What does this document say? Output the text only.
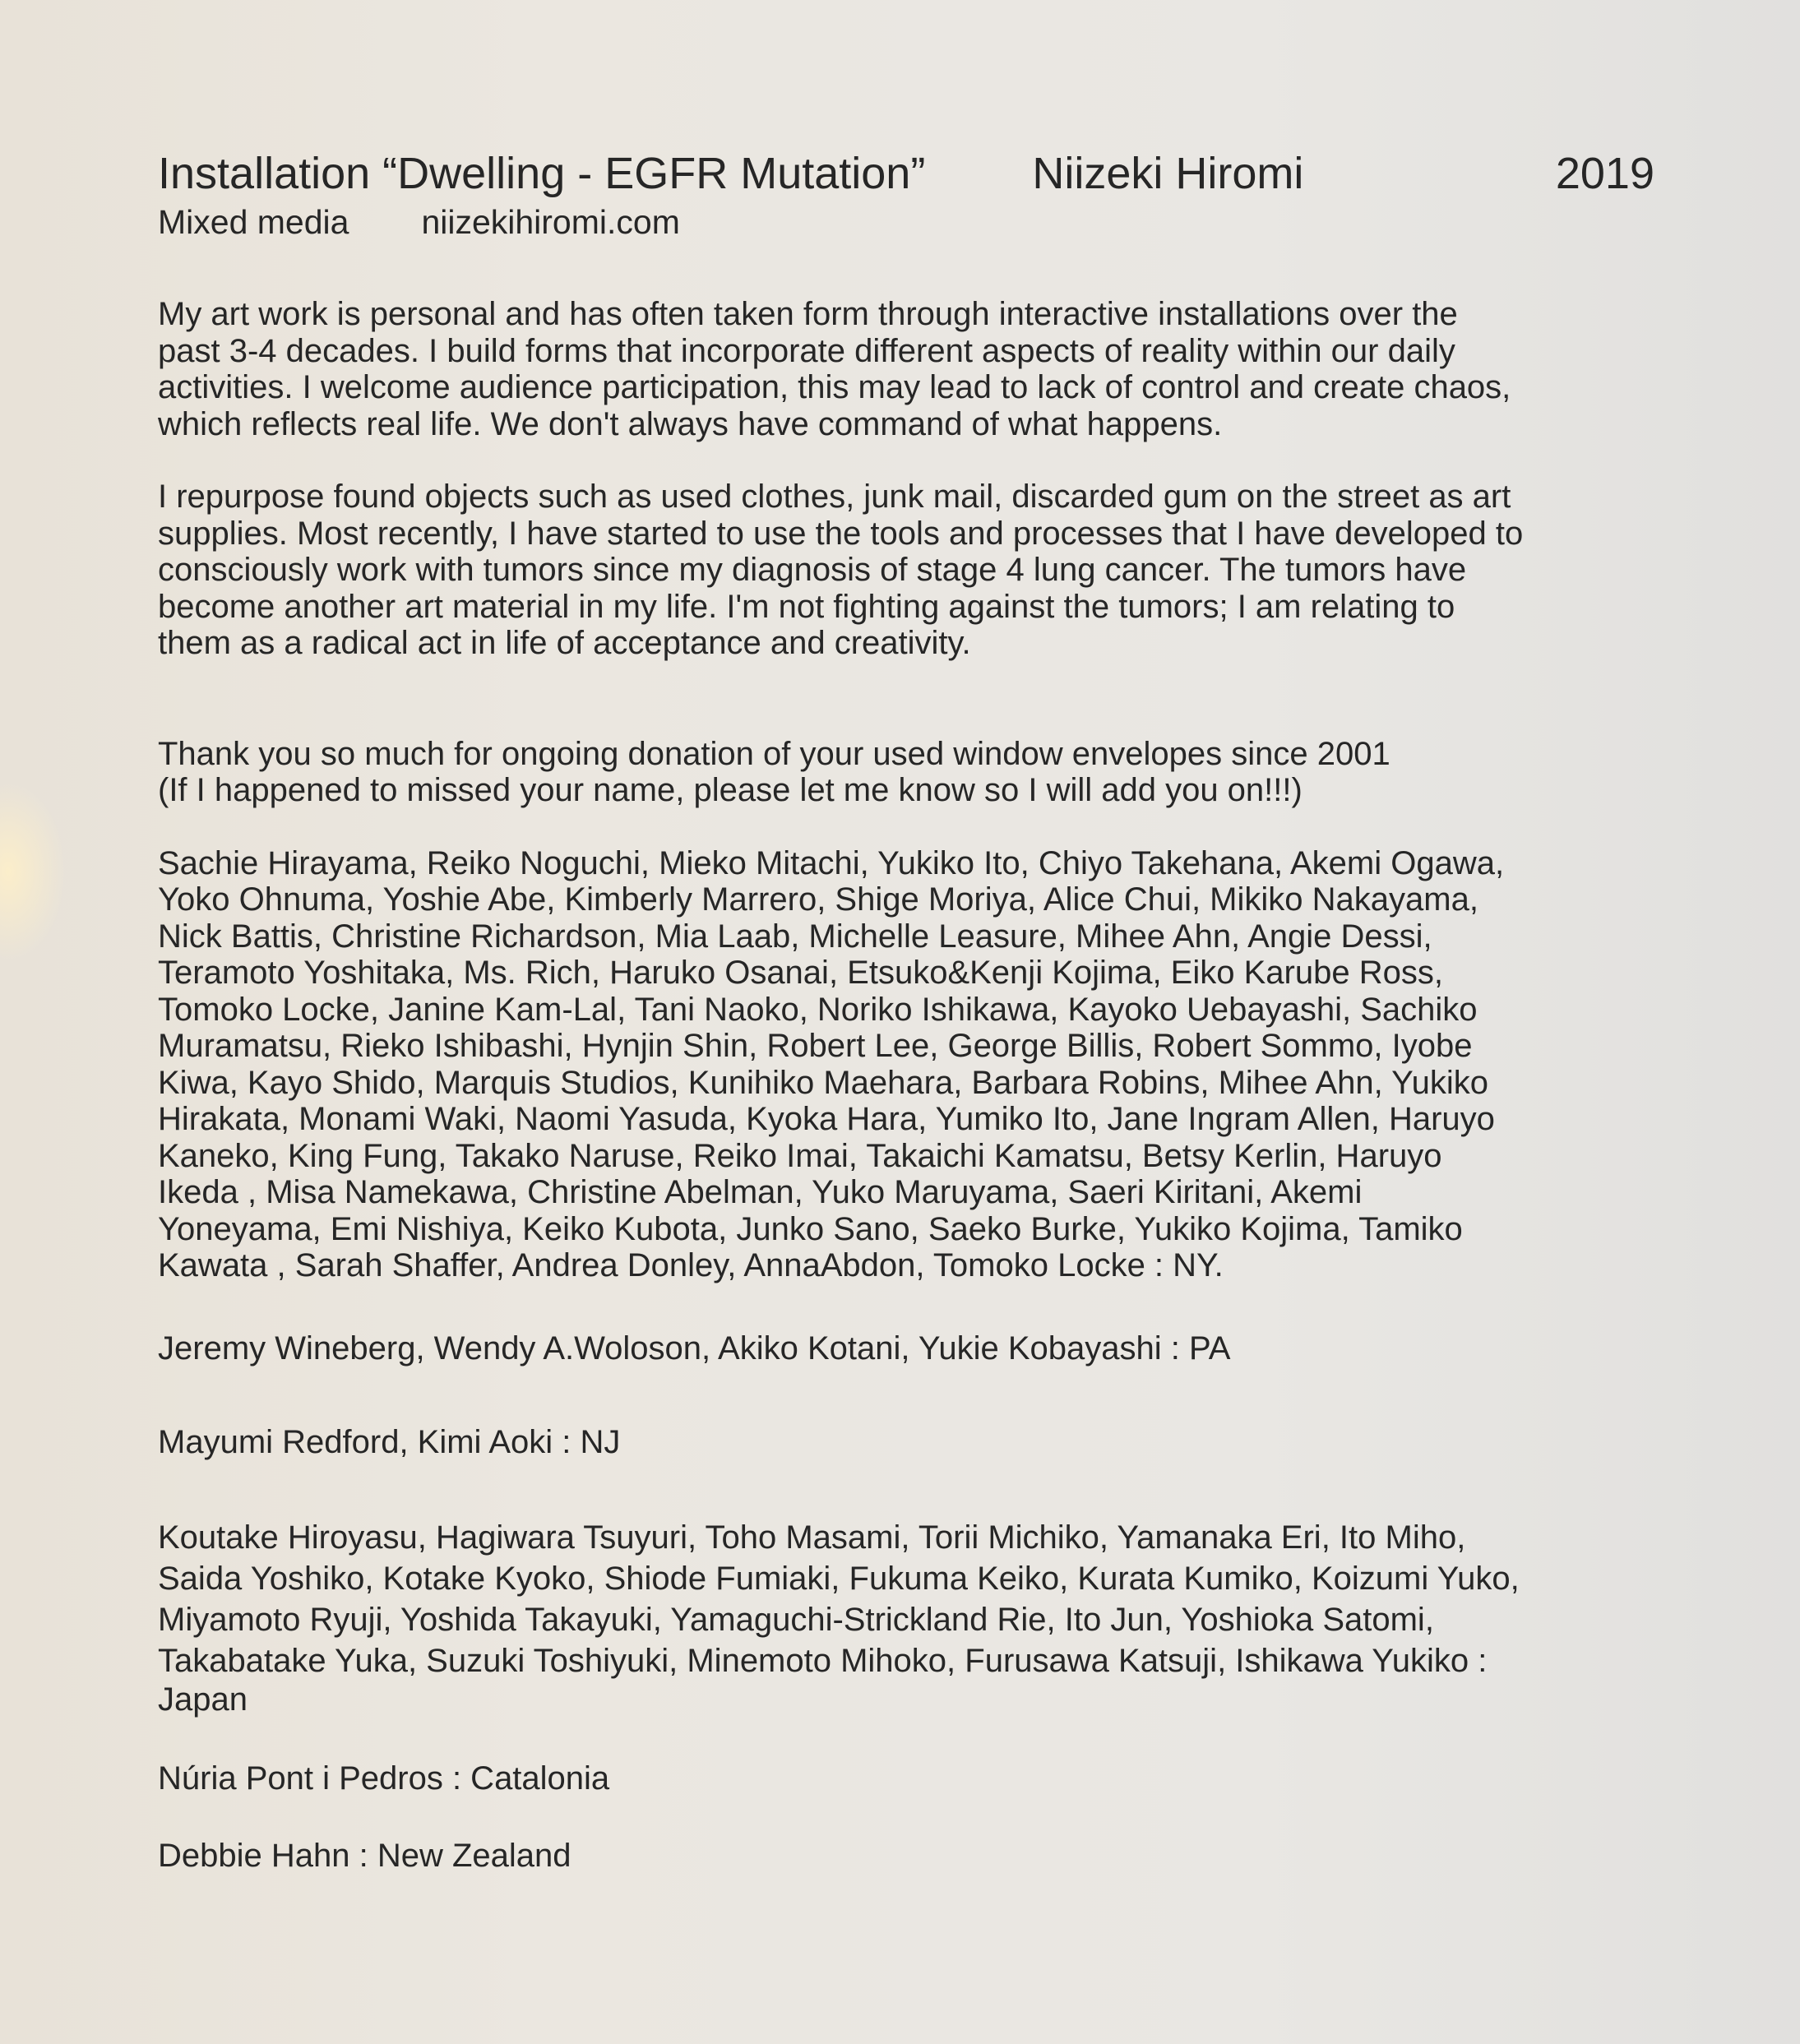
Installation “Dwelling - EGFR Mutation” Niizeki Hiromi	2019
Mixed media niizekihiromi.com

My art work is personal and has often taken form through interactive installations over the
past 3-4 decades. I build forms that incorporate different aspects of reality within our daily
activities. I welcome audience participation, this may lead to lack of control and create chaos,
which reflects real life. We don't always have command of what happens.

I repurpose found objects such as used clothes, junk mail, discarded gum on the street as art
supplies. Most recently, I have started to use the tools and processes that I have developed to
consciously work with tumors since my diagnosis of stage 4 lung cancer. The tumors have
become another art material in my life. I'm not fighting against the tumors; I am relating to
them as a radical act in life of acceptance and creativity.

Thank you so much for ongoing donation of your used window envelopes since 2001
(If I happened to missed your name, please let me know so I will add you on!!!)

Sachie Hirayama, Reiko Noguchi, Mieko Mitachi, Yukiko Ito, Chiyo Takehana, Akemi Ogawa,
Yoko Ohnuma, Yoshie Abe, Kimberly Marrero, Shige Moriya, Alice Chui, Mikiko Nakayama,
Nick Battis, Christine Richardson, Mia Laab, Michelle Leasure, Mihee Ahn, Angie Dessi,
Teramoto Yoshitaka, Ms. Rich, Haruko Osanai, Etsuko&Kenji Kojima, Eiko Karube Ross,
Tomoko Locke, Janine Kam-Lal, Tani Naoko, Noriko Ishikawa, Kayoko Uebayashi, Sachiko
Muramatsu, Rieko Ishibashi, Hynjin Shin, Robert Lee, George Billis, Robert Sommo, Iyobe
Kiwa, Kayo Shido, Marquis Studios, Kunihiko Maehara, Barbara Robins, Mihee Ahn, Yukiko
Hirakata, Monami Waki, Naomi Yasuda, Kyoka Hara, Yumiko Ito, Jane Ingram Allen, Haruyo
Kaneko, King Fung, Takako Naruse, Reiko Imai, Takaichi Kamatsu, Betsy Kerlin, Haruyo
Ikeda , Misa Namekawa, Christine Abelman, Yuko Maruyama, Saeri Kiritani, Akemi
Yoneyama, Emi Nishiya, Keiko Kubota, Junko Sano, Saeko Burke, Yukiko Kojima, Tamiko
Kawata , Sarah Shaffer, Andrea Donley, AnnaAbdon, Tomoko Locke : NY.

Jeremy Wineberg, Wendy A.Woloson, Akiko Kotani, Yukie Kobayashi : PA

Mayumi Redford, Kimi Aoki : NJ

Koutake Hiroyasu, Hagiwara Tsuyuri, Toho Masami, Torii Michiko, Yamanaka Eri, Ito Miho,
Saida Yoshiko, Kotake Kyoko, Shiode Fumiaki, Fukuma Keiko, Kurata Kumiko, Koizumi Yuko,
Miyamoto Ryuji, Yoshida Takayuki, Yamaguchi-Strickland Rie, Ito Jun, Yoshioka Satomi,
Takabatake Yuka, Suzuki Toshiyuki, Minemoto Mihoko, Furusawa Katsuji, Ishikawa Yukiko :
Japan

Núria Pont i Pedros : Catalonia

Debbie Hahn : New Zealand
